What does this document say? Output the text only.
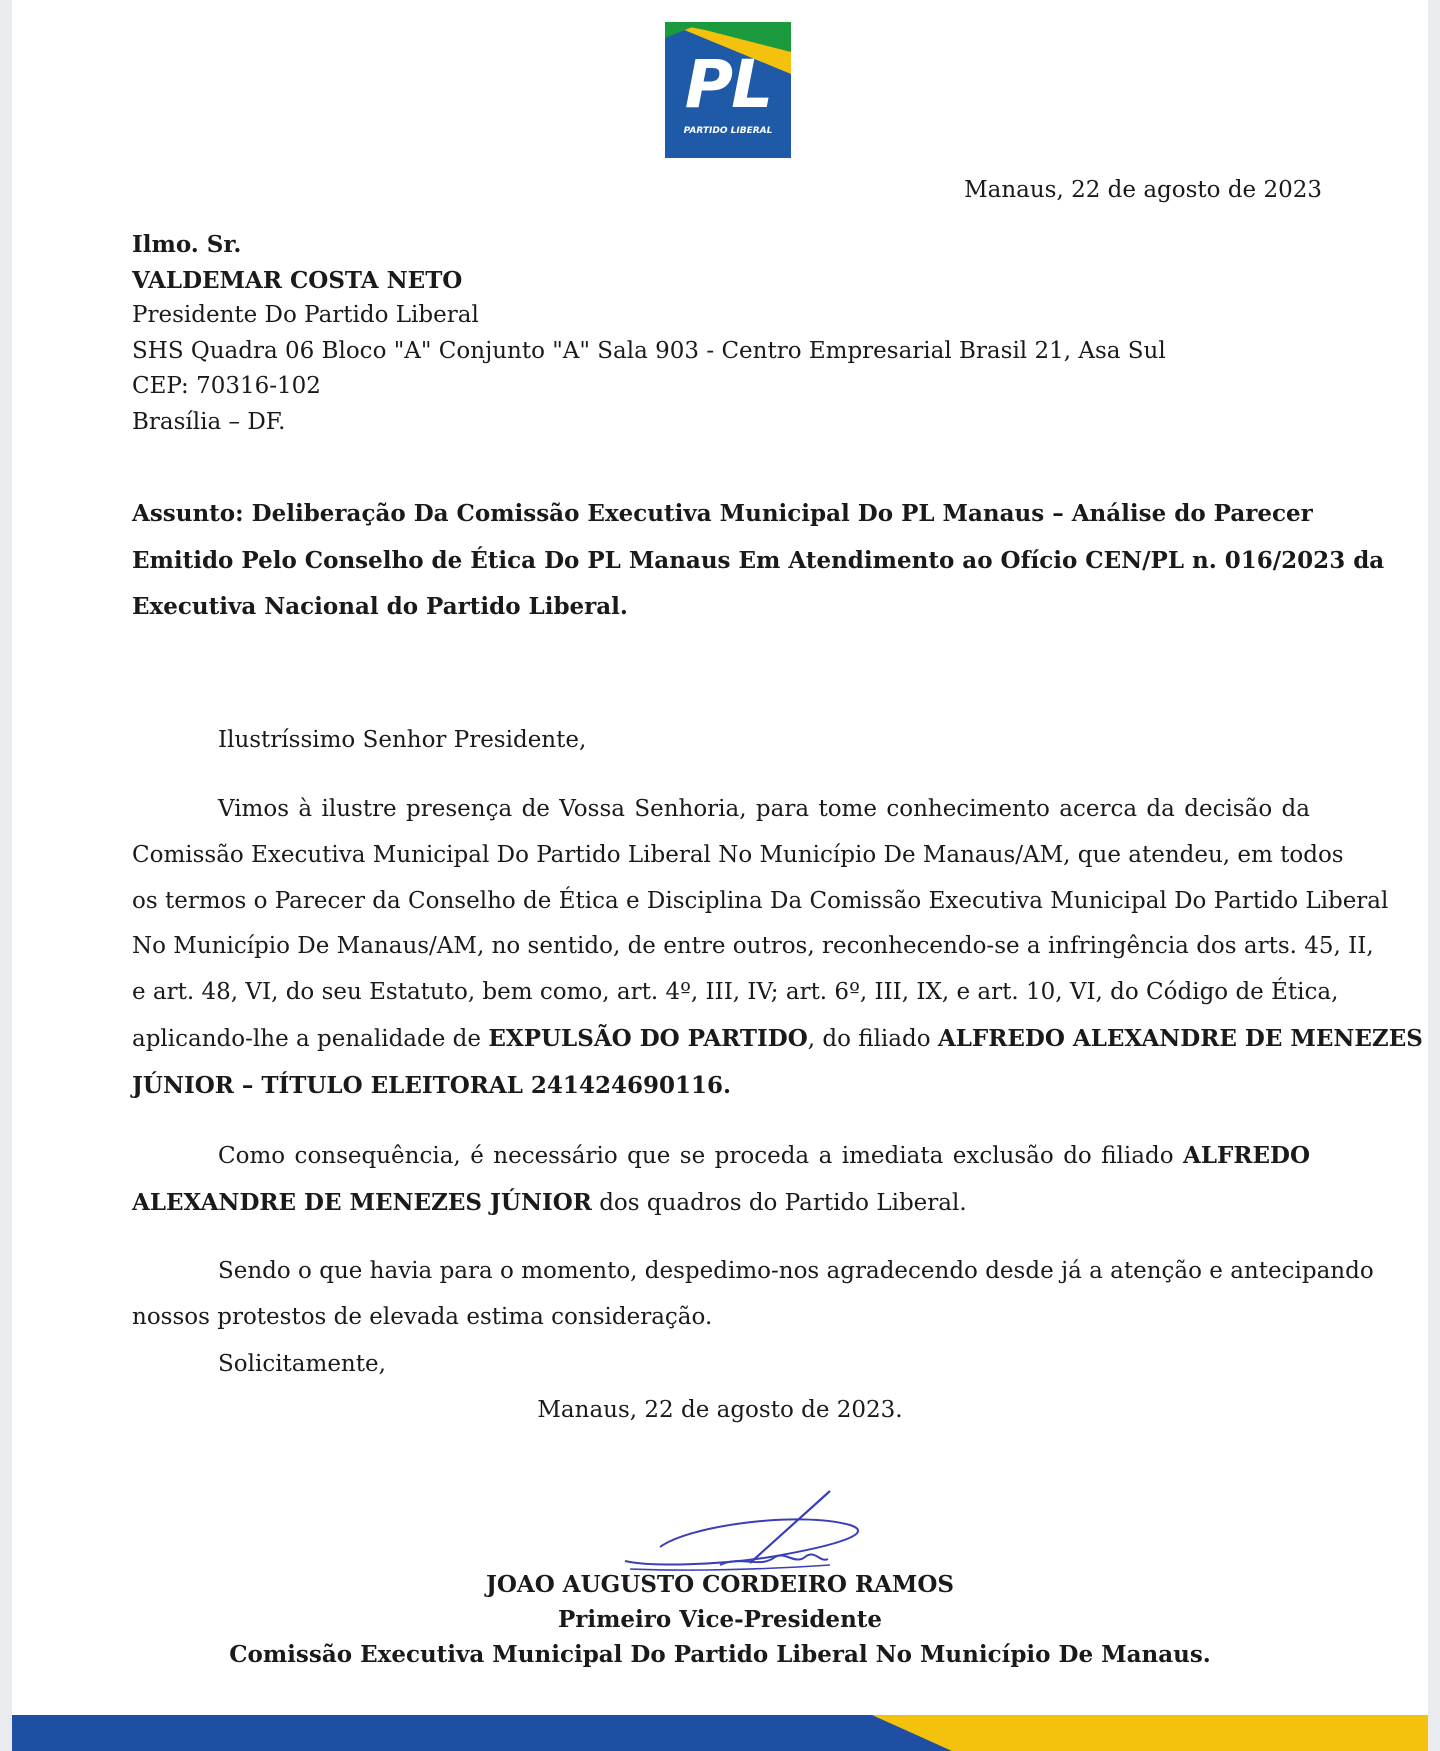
PL
PARTIDO LIBERAL
Manaus, 22 de agosto de 2023
Ilmo. Sr.
VALDEMAR COSTA NETO
Presidente Do Partido Liberal
SHS Quadra 06 Bloco "A" Conjunto "A" Sala 903 - Centro Empresarial Brasil 21, Asa Sul
CEP: 70316-102
Brasília – DF.
Assunto: Deliberação Da Comissão Executiva Municipal Do PL Manaus – Análise do Parecer
Emitido Pelo Conselho de Ética Do PL Manaus Em Atendimento ao Ofício CEN/PL n. 016/2023 da
Executiva Nacional do Partido Liberal.
Ilustríssimo Senhor Presidente,
Vimos à ilustre presença de Vossa Senhoria, para tome conhecimento acerca da decisão da
Comissão Executiva Municipal Do Partido Liberal No Município De Manaus/AM, que atendeu, em todos
os termos o Parecer da Conselho de Ética e Disciplina Da Comissão Executiva Municipal Do Partido Liberal
No Município De Manaus/AM, no sentido, de entre outros, reconhecendo-se a infringência dos arts. 45, II,
e art. 48, VI, do seu Estatuto, bem como, art. 4º, III, IV; art. 6º, III, IX, e art. 10, VI, do Código de Ética,
aplicando-lhe a penalidade de EXPULSÃO DO PARTIDO, do filiado ALFREDO ALEXANDRE DE MENEZES
JÚNIOR – TÍTULO ELEITORAL 241424690116.
Como consequência, é necessário que se proceda a imediata exclusão do filiado ALFREDO
ALEXANDRE DE MENEZES JÚNIOR dos quadros do Partido Liberal.
Sendo o que havia para o momento, despedimo-nos agradecendo desde já a atenção e antecipando
nossos protestos de elevada estima consideração.
Solicitamente,
Manaus, 22 de agosto de 2023.
JOAO AUGUSTO CORDEIRO RAMOS
Primeiro Vice-Presidente
Comissão Executiva Municipal Do Partido Liberal No Município De Manaus.
